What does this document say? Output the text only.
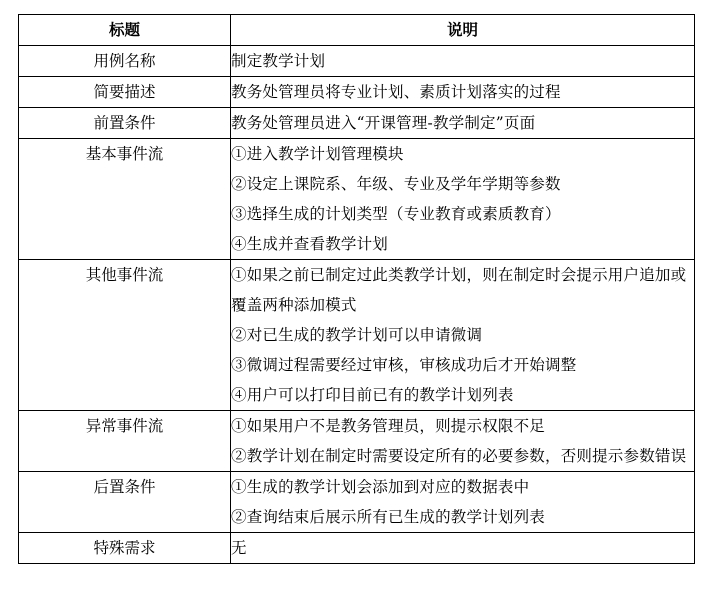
标题	说明
用例名称	制定教学计划

简要描述	教务处管理员将专业计划、素质计划落实的过程

前置条件	教务处管理员进入“开课管理-教学制定”页面

基本事件流	①进入教学计划管理模块
②设定上课院系、年级、专业及学年学期等参数
③选择生成的计划类型（专业教育或素质教育）
④生成并查看教学计划

其他事件流	①如果之前已制定过此类教学计划，则在制定时会提示用户追加或覆盖两种添加模式
②对已生成的教学计划可以申请微调
③微调过程需要经过审核，审核成功后才开始调整
④用户可以打印目前已有的教学计划列表

异常事件流	①如果用户不是教务管理员，则提示权限不足
②教学计划在制定时需要设定所有的必要参数，否则提示参数错误

后置条件	①生成的教学计划会添加到对应的数据表中
②查询结束后展示所有已生成的教学计划列表

特殊需求	无
